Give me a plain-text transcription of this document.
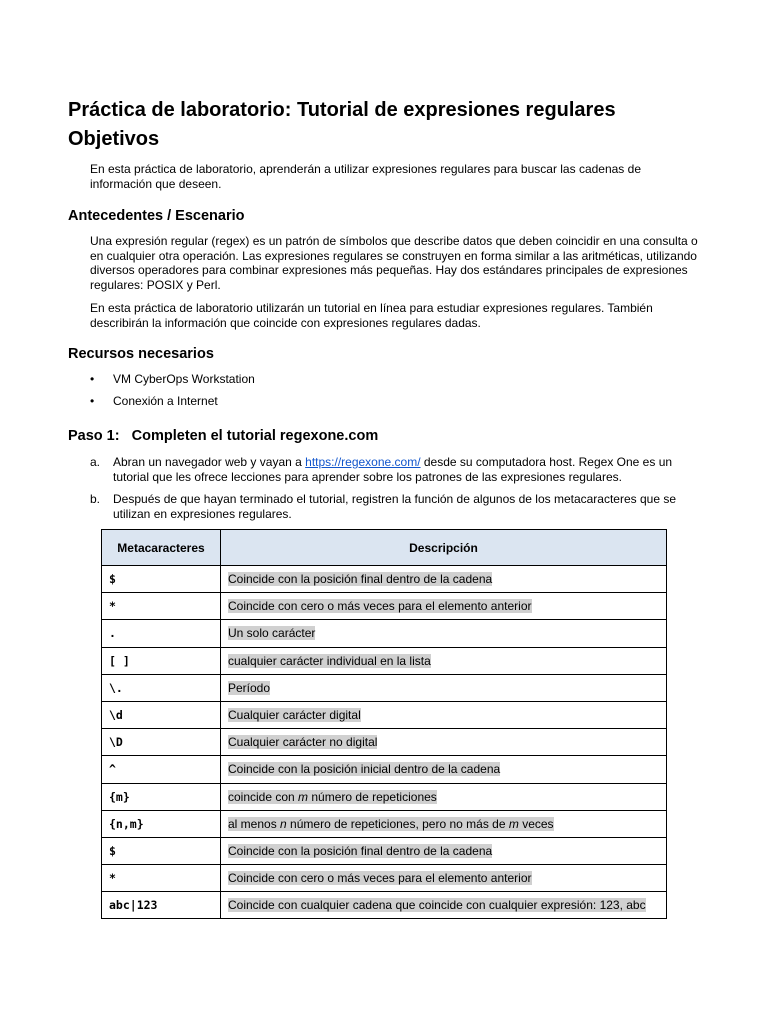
Práctica de laboratorio: Tutorial de expresiones regulares
Objetivos

En esta práctica de laboratorio, aprenderán a utilizar expresiones regulares para buscar las cadenas de información que deseen.

Antecedentes / Escenario

Una expresión regular (regex) es un patrón de símbolos que describe datos que deben coincidir en una consulta o en cualquier otra operación. Las expresiones regulares se construyen en forma similar a las aritméticas, utilizando diversos operadores para combinar expresiones más pequeñas. Hay dos estándares principales de expresiones regulares: POSIX y Perl.

En esta práctica de laboratorio utilizarán un tutorial en línea para estudiar expresiones regulares. También describirán la información que coincide con expresiones regulares dadas.

Recursos necesarios
• VM CyberOps Workstation
• Conexión a Internet
Paso 1:   Completen el tutorial regexone.com
a. Abran un navegador web y vayan a https://regexone.com/ desde su computadora host. Regex One es un tutorial que les ofrece lecciones para aprender sobre los patrones de las expresiones regulares.
b. Después de que hayan terminado el tutorial, registren la función de algunos de los metacaracteres que se utilizan en expresiones regulares.
Metacaracteres	Descripción
$	Coincide con la posición final dentro de la cadena
*	Coincide con cero o más veces para el elemento anterior
.	Un solo carácter
[ ]	cualquier carácter individual en la lista
\.	Período
\d	Cualquier carácter digital
\D	Cualquier carácter no digital
^	Coincide con la posición inicial dentro de la cadena
{m}	coincide con m número de repeticiones
{n,m}	al menos n número de repeticiones, pero no más de m veces
$	Coincide con la posición final dentro de la cadena
*	Coincide con cero o más veces para el elemento anterior
abc|123	Coincide con cualquier cadena que coincide con cualquier expresión: 123, abc
